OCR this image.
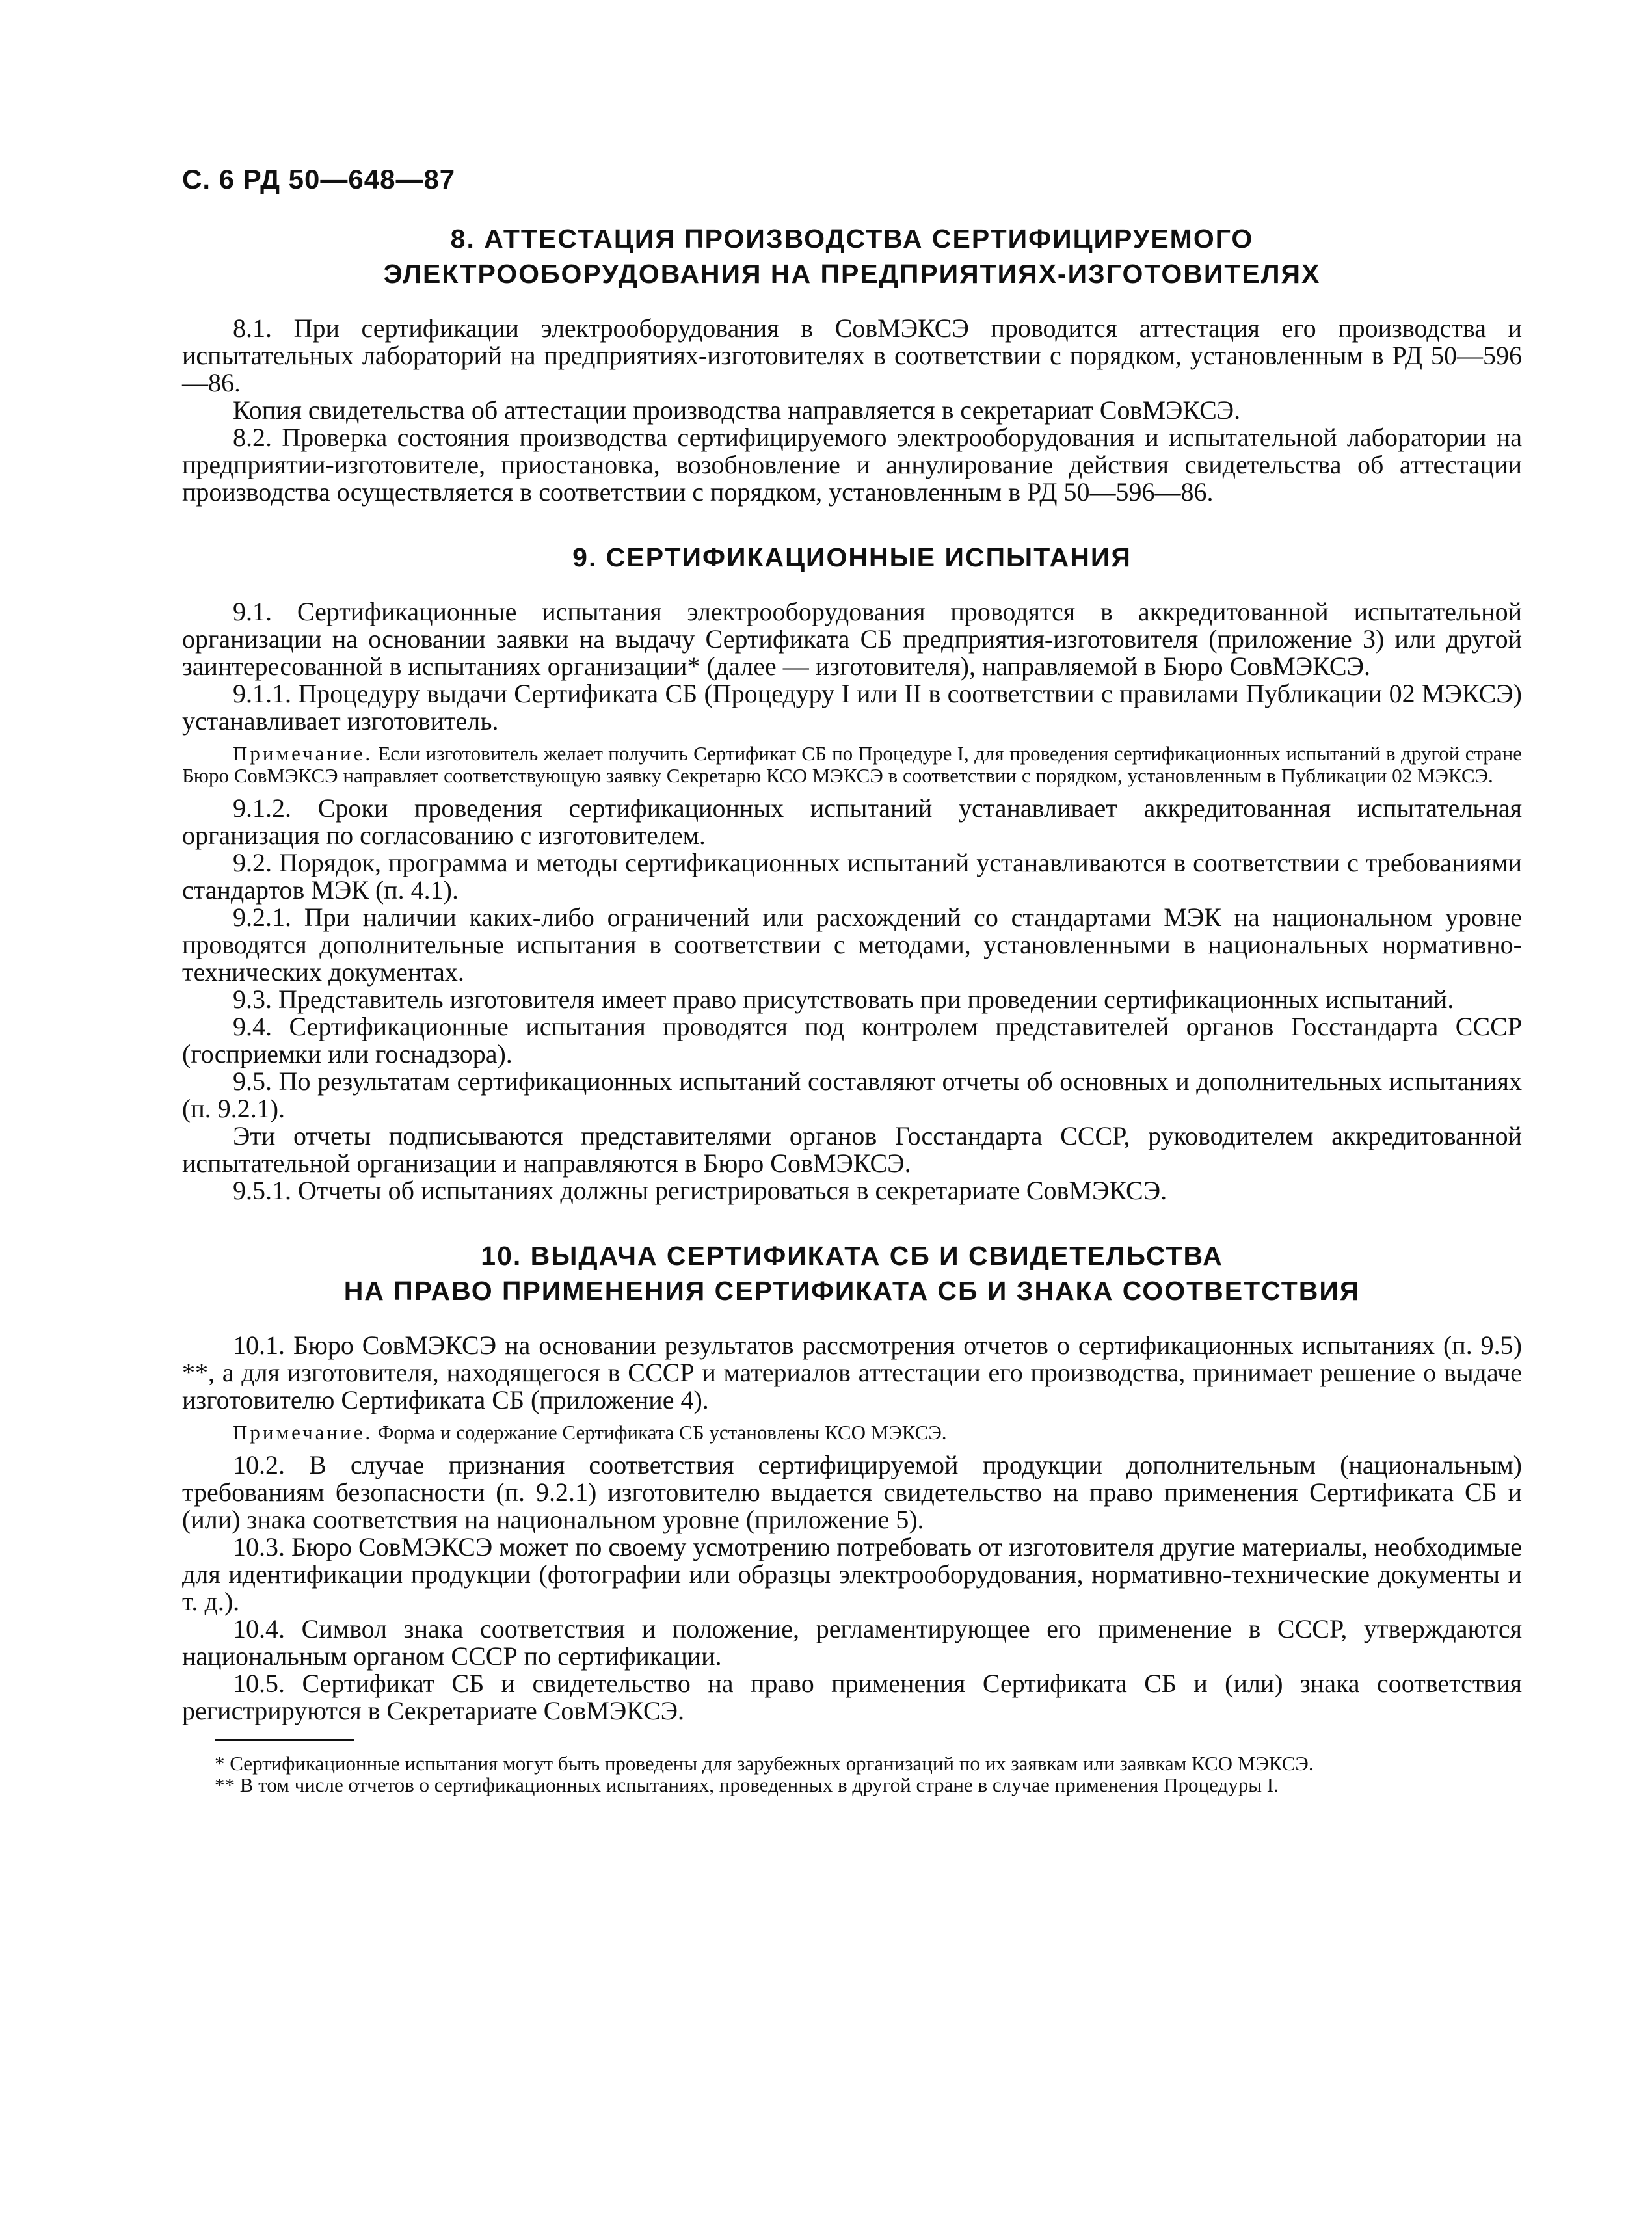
С. 6 РД 50—648—87
8. АТТЕСТАЦИЯ ПРОИЗВОДСТВА СЕРТИФИЦИРУЕМОГО
ЭЛЕКТРООБОРУДОВАНИЯ НА ПРЕДПРИЯТИЯХ-ИЗГОТОВИТЕЛЯХ

8.1. При сертификации электрооборудования в СовМЭКСЭ проводится аттестация его производства и испытательных лабораторий на предприятиях-изготовителях в соответствии с порядком, установленным в РД 50—596—86.

Копия свидетельства об аттестации производства направляется в секретариат СовМЭКСЭ.

8.2. Проверка состояния производства сертифицируемого электрооборудования и испытательной лаборатории на предприятии-изготовителе, приостановка, возобновление и аннулирование действия свидетельства об аттестации производства осуществляется в соответствии с порядком, установленным в РД 50—596—86.

9. СЕРТИФИКАЦИОННЫЕ ИСПЫТАНИЯ

9.1. Сертификационные испытания электрооборудования проводятся в аккредитованной испытательной организации на основании заявки на выдачу Сертификата СБ предприятия-изготовителя (приложение 3) или другой заинтересованной в испытаниях организации* (далее — изготовителя), направляемой в Бюро СовМЭКСЭ.

9.1.1. Процедуру выдачи Сертификата СБ (Процедуру I или II в соответствии с правилами Публикации 02 МЭКСЭ) устанавливает изготовитель.

Примечание. Если изготовитель желает получить Сертификат СБ по Процедуре I, для проведения сертификационных испытаний в другой стране Бюро СовМЭКСЭ направляет соответствующую заявку Секретарю КСО МЭКСЭ в соответствии с порядком, установленным в Публикации 02 МЭКСЭ.

9.1.2. Сроки проведения сертификационных испытаний устанавливает аккредитованная испытательная организация по согласованию с изготовителем.

9.2. Порядок, программа и методы сертификационных испытаний устанавливаются в соответствии с требованиями стандартов МЭК (п. 4.1).

9.2.1. При наличии каких-либо ограничений или расхождений со стандартами МЭК на национальном уровне проводятся дополнительные испытания в соответствии с методами, установленными в национальных нормативно-технических документах.

9.3. Представитель изготовителя имеет право присутствовать при проведении сертификационных испытаний.

9.4. Сертификационные испытания проводятся под контролем представителей органов Госстандарта СССР (госприемки или госнадзора).

9.5. По результатам сертификационных испытаний составляют отчеты об основных и дополнительных испытаниях (п. 9.2.1).

Эти отчеты подписываются представителями органов Госстандарта СССР, руководителем аккредитованной испытательной организации и направляются в Бюро СовМЭКСЭ.

9.5.1. Отчеты об испытаниях должны регистрироваться в секретариате СовМЭКСЭ.

10. ВЫДАЧА СЕРТИФИКАТА СБ И СВИДЕТЕЛЬСТВА
НА ПРАВО ПРИМЕНЕНИЯ СЕРТИФИКАТА СБ И ЗНАКА СООТВЕТСТВИЯ

10.1. Бюро СовМЭКСЭ на основании результатов рассмотрения отчетов о сертификационных испытаниях (п. 9.5) **, а для изготовителя, находящегося в СССР и материалов аттестации его производства, принимает решение о выдаче изготовителю Сертификата СБ (приложение 4).

Примечание. Форма и содержание Сертификата СБ установлены КСО МЭКСЭ.

10.2. В случае признания соответствия сертифицируемой продукции дополнительным (национальным) требованиям безопасности (п. 9.2.1) изготовителю выдается свидетельство на право применения Сертификата СБ и (или) знака соответствия на национальном уровне (приложение 5).

10.3. Бюро СовМЭКСЭ может по своему усмотрению потребовать от изготовителя другие материалы, необходимые для идентификации продукции (фотографии или образцы электрооборудования, нормативно-технические документы и т. д.).

10.4. Символ знака соответствия и положение, регламентирующее его применение в СССР, утверждаются национальным органом СССР по сертификации.

10.5. Сертификат СБ и свидетельство на право применения Сертификата СБ и (или) знака соответствия регистрируются в Секретариате СовМЭКСЭ.

* Сертификационные испытания могут быть проведены для зарубежных организаций по их заявкам или заявкам КСО МЭКСЭ.

** В том числе отчетов о сертификационных испытаниях, проведенных в другой стране в случае применения Процедуры I.
